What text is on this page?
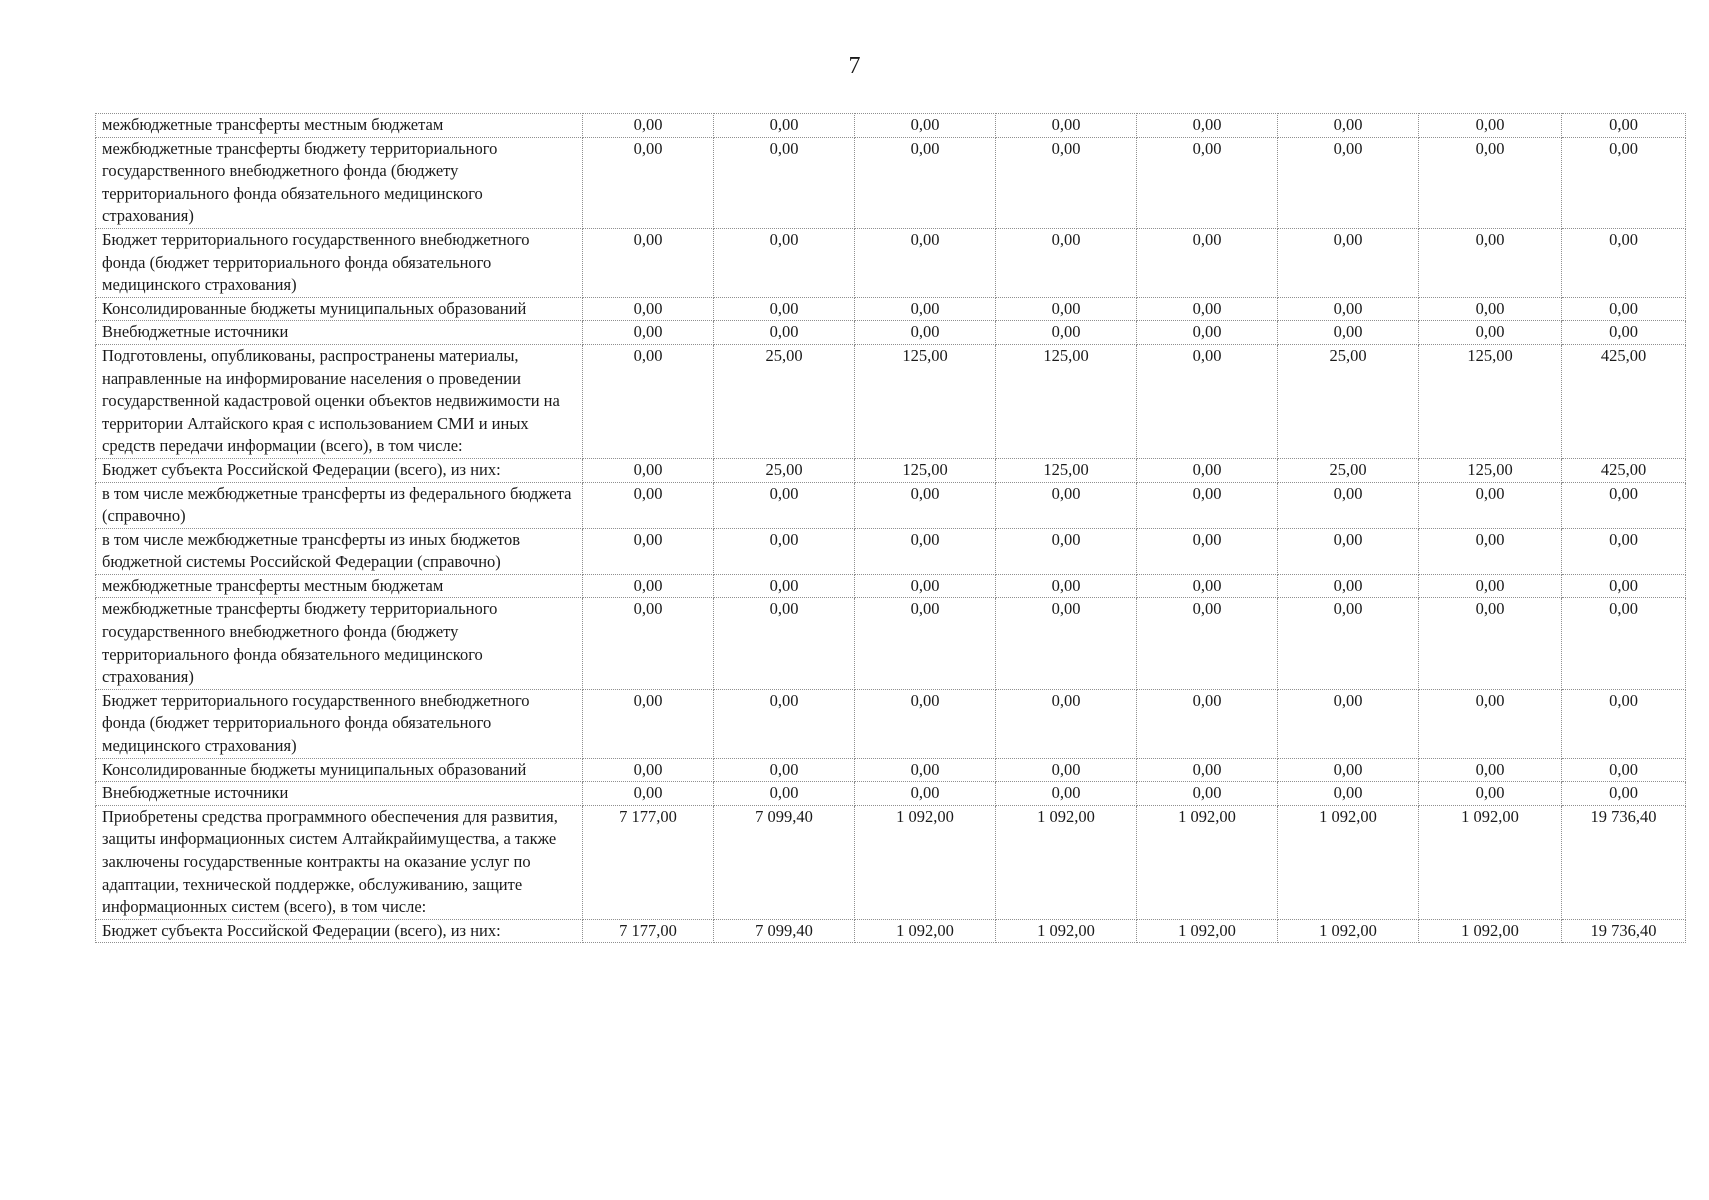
7
межбюджетные трансферты местным бюджетам	0,00	0,00	0,00	0,00	0,00	0,00	0,00	0,00
межбюджетные трансферты бюджету территориального государственного внебюджетного фонда (бюджету территориального фонда обязательного медицинского страхования)	0,00	0,00	0,00	0,00	0,00	0,00	0,00	0,00
Бюджет территориального государственного внебюджетного фонда (бюджет территориального фонда обязательного медицинского страхования)	0,00	0,00	0,00	0,00	0,00	0,00	0,00	0,00
Консолидированные бюджеты муниципальных образований	0,00	0,00	0,00	0,00	0,00	0,00	0,00	0,00
Внебюджетные источники	0,00	0,00	0,00	0,00	0,00	0,00	0,00	0,00
Подготовлены, опубликованы, распространены материалы, направленные на информирование населения о проведении государственной кадастровой оценки объектов недвижимости на территории Алтайского края с использованием СМИ и иных средств передачи информации (всего), в том числе:	0,00	25,00	125,00	125,00	0,00	25,00	125,00	425,00
Бюджет субъекта Российской Федерации (всего), из них:	0,00	25,00	125,00	125,00	0,00	25,00	125,00	425,00
в том числе межбюджетные трансферты из федерального бюджета (справочно)	0,00	0,00	0,00	0,00	0,00	0,00	0,00	0,00
в том числе межбюджетные трансферты из иных бюджетов бюджетной системы Российской Федерации (справочно)	0,00	0,00	0,00	0,00	0,00	0,00	0,00	0,00
межбюджетные трансферты местным бюджетам	0,00	0,00	0,00	0,00	0,00	0,00	0,00	0,00
межбюджетные трансферты бюджету территориального государственного внебюджетного фонда (бюджету территориального фонда обязательного медицинского страхования)	0,00	0,00	0,00	0,00	0,00	0,00	0,00	0,00
Бюджет территориального государственного внебюджетного фонда (бюджет территориального фонда обязательного медицинского страхования)	0,00	0,00	0,00	0,00	0,00	0,00	0,00	0,00
Консолидированные бюджеты муниципальных образований	0,00	0,00	0,00	0,00	0,00	0,00	0,00	0,00
Внебюджетные источники	0,00	0,00	0,00	0,00	0,00	0,00	0,00	0,00
Приобретены средства программного обеспечения для развития, защиты информационных систем Алтайкрайимущества, а также заключены государственные контракты на оказание услуг по адаптации, технической поддержке, обслуживанию, защите информационных систем (всего), в том числе:	7 177,00	7 099,40	1 092,00	1 092,00	1 092,00	1 092,00	1 092,00	19 736,40
Бюджет субъекта Российской Федерации (всего), из них:	7 177,00	7 099,40	1 092,00	1 092,00	1 092,00	1 092,00	1 092,00	19 736,40
